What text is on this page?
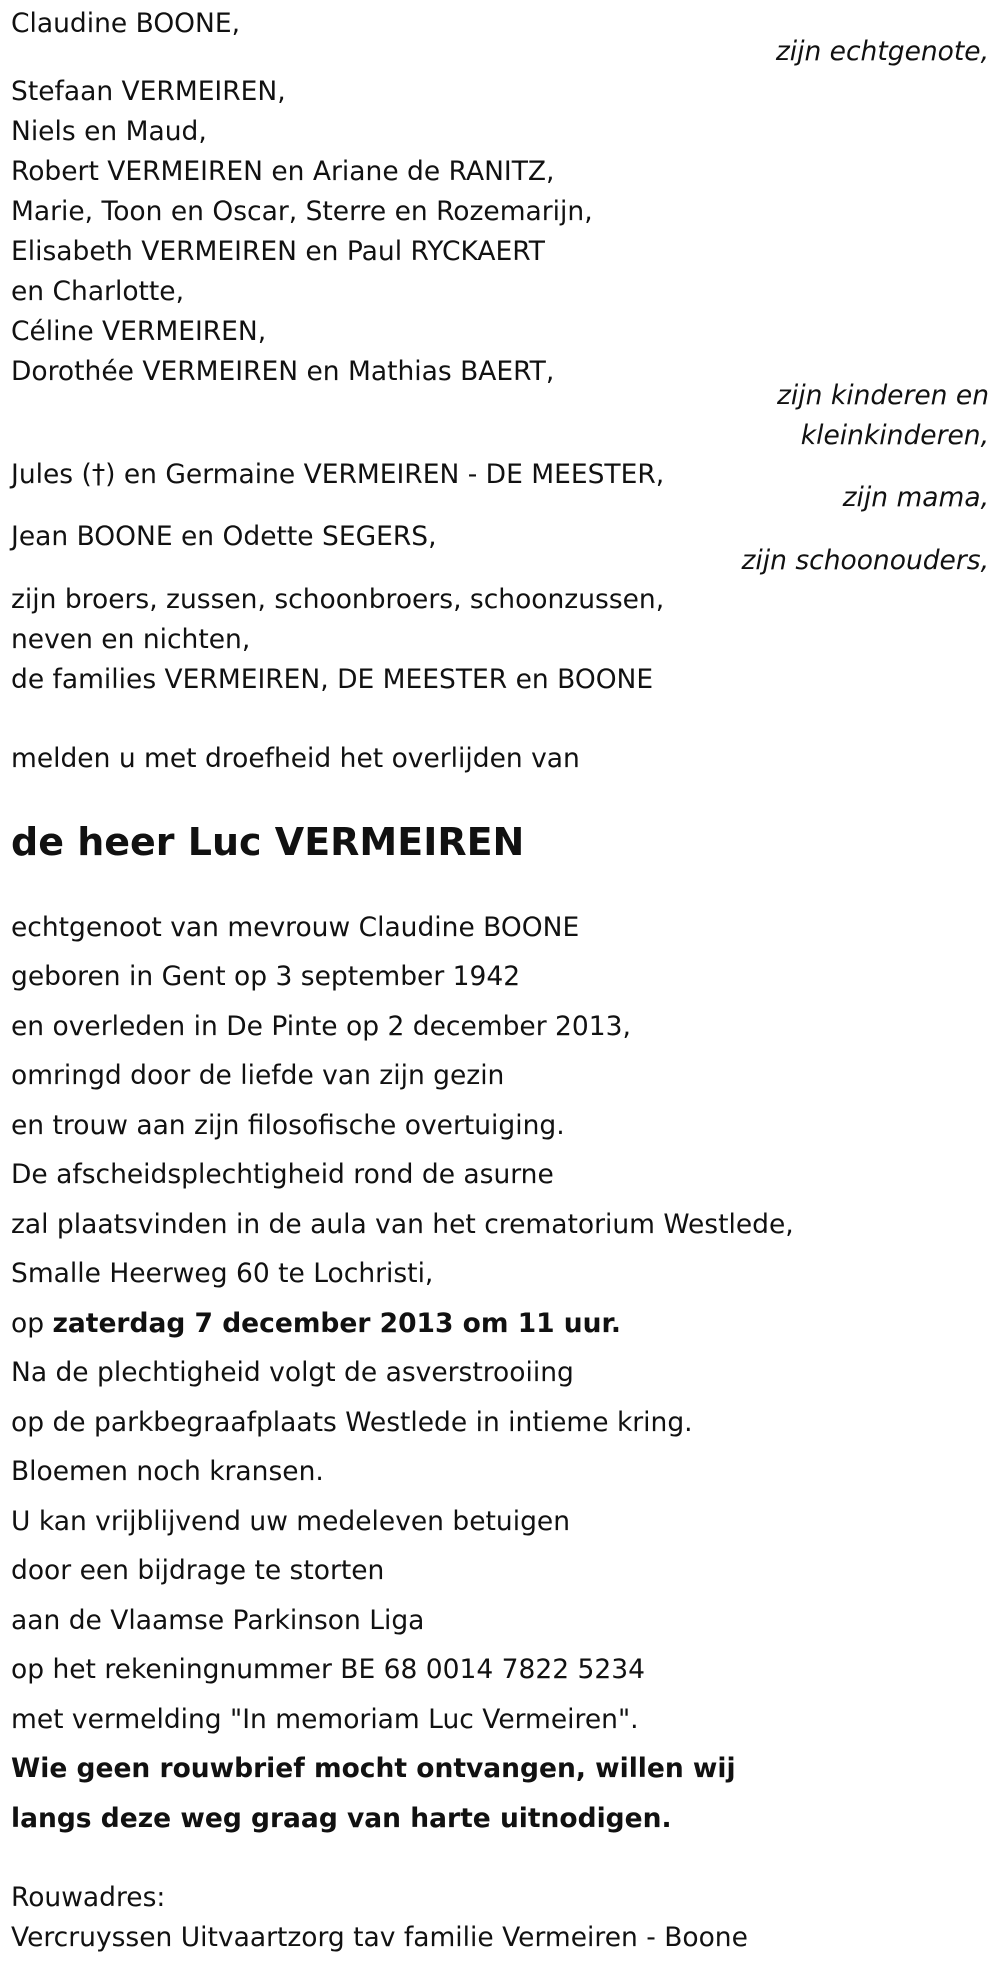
Claudine BOONE,
zijn echtgenote,
Stefaan VERMEIREN,
Niels en Maud,
Robert VERMEIREN en Ariane de RANITZ,
Marie, Toon en Oscar, Sterre en Rozemarijn,
Elisabeth VERMEIREN en Paul RYCKAERT
en Charlotte,
Céline VERMEIREN,
Dorothée VERMEIREN en Mathias BAERT,
zijn kinderen en
kleinkinderen,
Jules (†) en Germaine VERMEIREN - DE MEESTER,
zijn mama,
Jean BOONE en Odette SEGERS,
zijn schoonouders,
zijn broers, zussen, schoonbroers, schoonzussen,
neven en nichten,
de families VERMEIREN, DE MEESTER en BOONE
melden u met droefheid het overlijden van
de heer Luc VERMEIREN
echtgenoot van mevrouw Claudine BOONE
geboren in Gent op 3 september 1942
en overleden in De Pinte op 2 december 2013,
omringd door de liefde van zijn gezin
en trouw aan zijn filosofische overtuiging.
De afscheidsplechtigheid rond de asurne
zal plaatsvinden in de aula van het crematorium Westlede,
Smalle Heerweg 60 te Lochristi,
op zaterdag 7 december 2013 om 11 uur.
Na de plechtigheid volgt de asverstrooiing
op de parkbegraafplaats Westlede in intieme kring.
Bloemen noch kransen.
U kan vrijblijvend uw medeleven betuigen
door een bijdrage te storten
aan de Vlaamse Parkinson Liga
op het rekeningnummer BE 68 0014 7822 5234
met vermelding "In memoriam Luc Vermeiren".
Wie geen rouwbrief mocht ontvangen, willen wij
langs deze weg graag van harte uitnodigen.
Rouwadres:
Vercruyssen Uitvaartzorg tav familie Vermeiren - Boone
